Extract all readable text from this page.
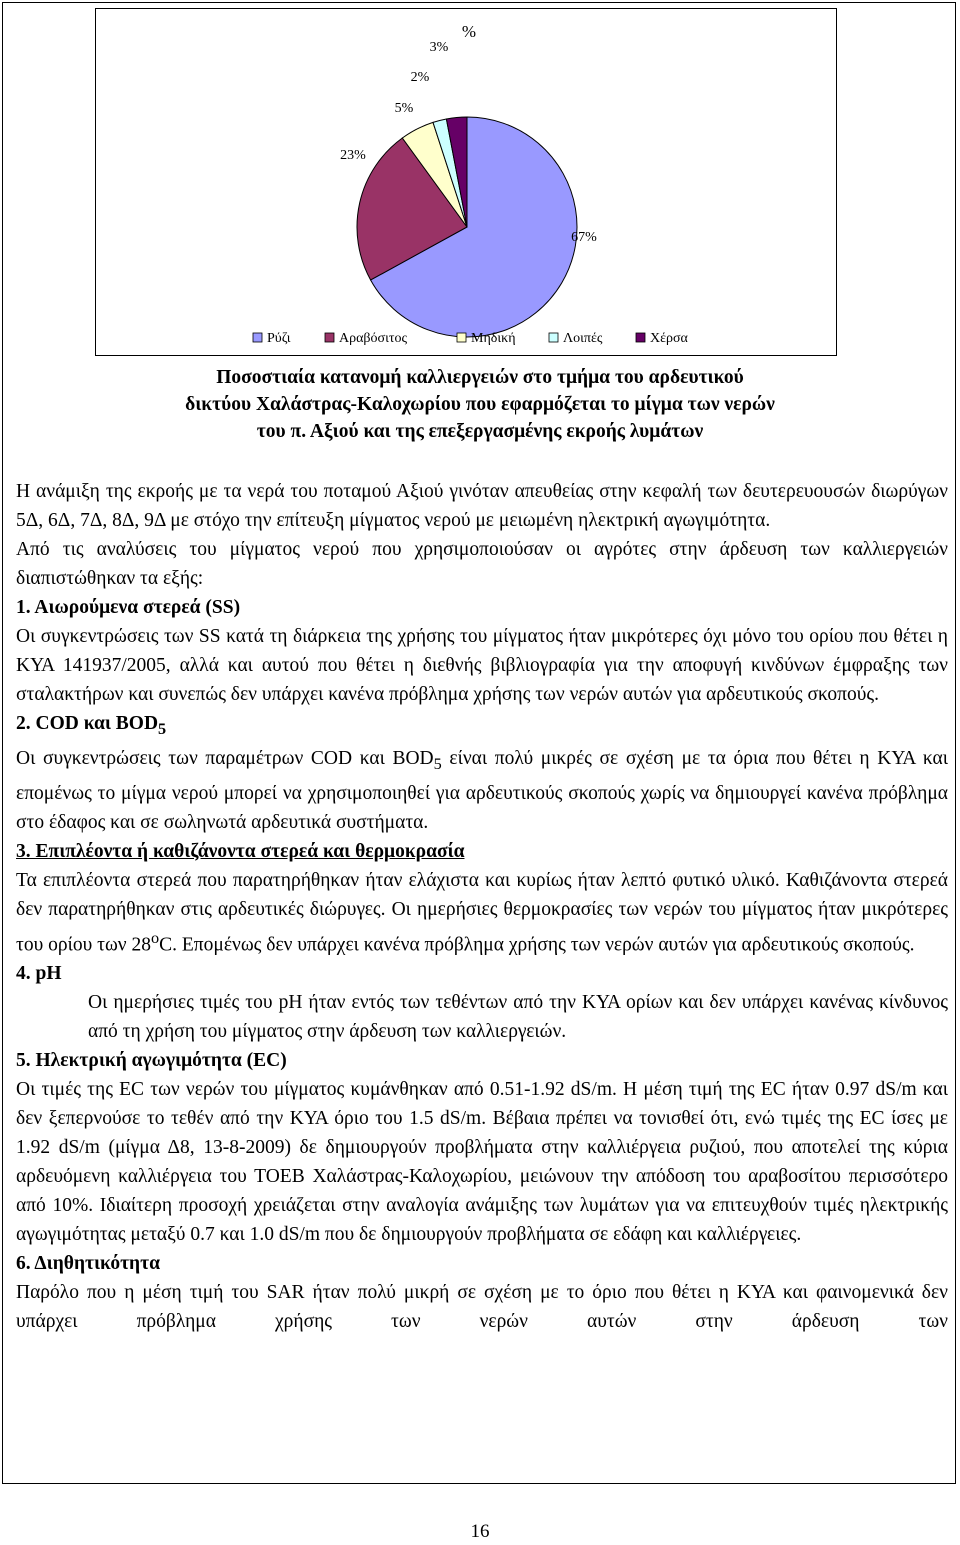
%
67%
23%
5%
2%
3%
Ρύζι	Αραβόσιτος	Μηδική	Λοιπές	Χέρσα
Ποσοστιαία κατανομή καλλιεργειών στο τμήμα του αρδευτικού
δικτύου Χαλάστρας-Καλοχωρίου που εφαρμόζεται το μίγμα των νερών
του π. Αξιού και της επεξεργασμένης εκροής λυμάτων

Η ανάμιξη της εκροής με τα νερά του ποταμού Αξιού γινόταν απευθείας στην κεφαλή των δευτερευουσών διωρύγων 5Δ, 6Δ, 7Δ, 8Δ, 9Δ με στόχο την επίτευξη μίγματος νερού με μειωμένη ηλεκτρική αγωγιμότητα.

Από τις αναλύσεις του μίγματος νερού που χρησιμοποιούσαν οι αγρότες στην άρδευση των καλλιεργειών διαπιστώθηκαν τα εξής:

1. Αιωρούμενα στερεά (SS)

Οι συγκεντρώσεις των SS κατά τη διάρκεια της χρήσης του μίγματος ήταν μικρότερες όχι μόνο του ορίου που θέτει η ΚΥΑ 141937/2005, αλλά και αυτού που θέτει η διεθνής βιβλιογραφία για την αποφυγή κινδύνων έμφραξης των σταλακτήρων και συνεπώς δεν υπάρχει κανένα πρόβλημα χρήσης των νερών αυτών για αρδευτικούς σκοπούς.

2. COD και $BOD_5$

Οι συγκεντρώσεις των παραμέτρων COD και $BOD_5$ είναι πολύ μικρές σε σχέση με τα όρια που θέτει η ΚΥΑ και επομένως το μίγμα νερού μπορεί να χρησιμοποιηθεί για αρδευτικούς σκοπούς χωρίς να δημιουργεί κανένα πρόβλημα στο έδαφος και σε σωληνωτά αρδευτικά συστήματα.

3. Επιπλέοντα ή καθιζάνοντα στερεά και θερμοκρασία

Τα επιπλέοντα στερεά που παρατηρήθηκαν ήταν ελάχιστα και κυρίως ήταν λεπτό φυτικό υλικό. Καθιζάνοντα στερεά δεν παρατηρήθηκαν στις αρδευτικές διώρυγες. Οι ημερήσιες θερμοκρασίες των νερών του μίγματος ήταν μικρότερες του ορίου των $28^oC$. Επομένως δεν υπάρχει κανένα πρόβλημα χρήσης των νερών αυτών για αρδευτικούς σκοπούς.

4. pH

Οι ημερήσιες τιμές του pH ήταν εντός των τεθέντων από την ΚΥΑ ορίων και δεν υπάρχει κανένας κίνδυνος από τη χρήση του μίγματος στην άρδευση των καλλιεργειών.

5. Ηλεκτρική αγωγιμότητα (EC)

Οι τιμές της EC των νερών του μίγματος κυμάνθηκαν από 0.51-1.92 dS/m. Η μέση τιμή της EC ήταν 0.97 dS/m και δεν ξεπερνούσε το τεθέν από την ΚΥΑ όριο του 1.5 dS/m. Βέβαια πρέπει να τονισθεί ότι, ενώ τιμές της EC ίσες με 1.92 dS/m (μίγμα Δ8, 13-8-2009) δε δημιουργούν προβλήματα στην καλλιέργεια ρυζιού, που αποτελεί της κύρια αρδευόμενη καλλιέργεια του ΤΟΕΒ Χαλάστρας-Καλοχωρίου, μειώνουν την απόδοση του αραβοσίτου περισσότερο από 10%. Ιδιαίτερη προσοχή χρειάζεται στην αναλογία ανάμιξης των λυμάτων για να επιτευχθούν τιμές ηλεκτρικής αγωγιμότητας μεταξύ 0.7 και 1.0 dS/m που δε δημιουργούν προβλήματα σε εδάφη και καλλιέργειες.

6. Διηθητικότητα

Παρόλο που η μέση τιμή του SAR ήταν πολύ μικρή σε σχέση με το όριο που θέτει η ΚΥΑ και φαινομενικά δεν υπάρχει πρόβλημα χρήσης των νερών αυτών στην άρδευση των

16
